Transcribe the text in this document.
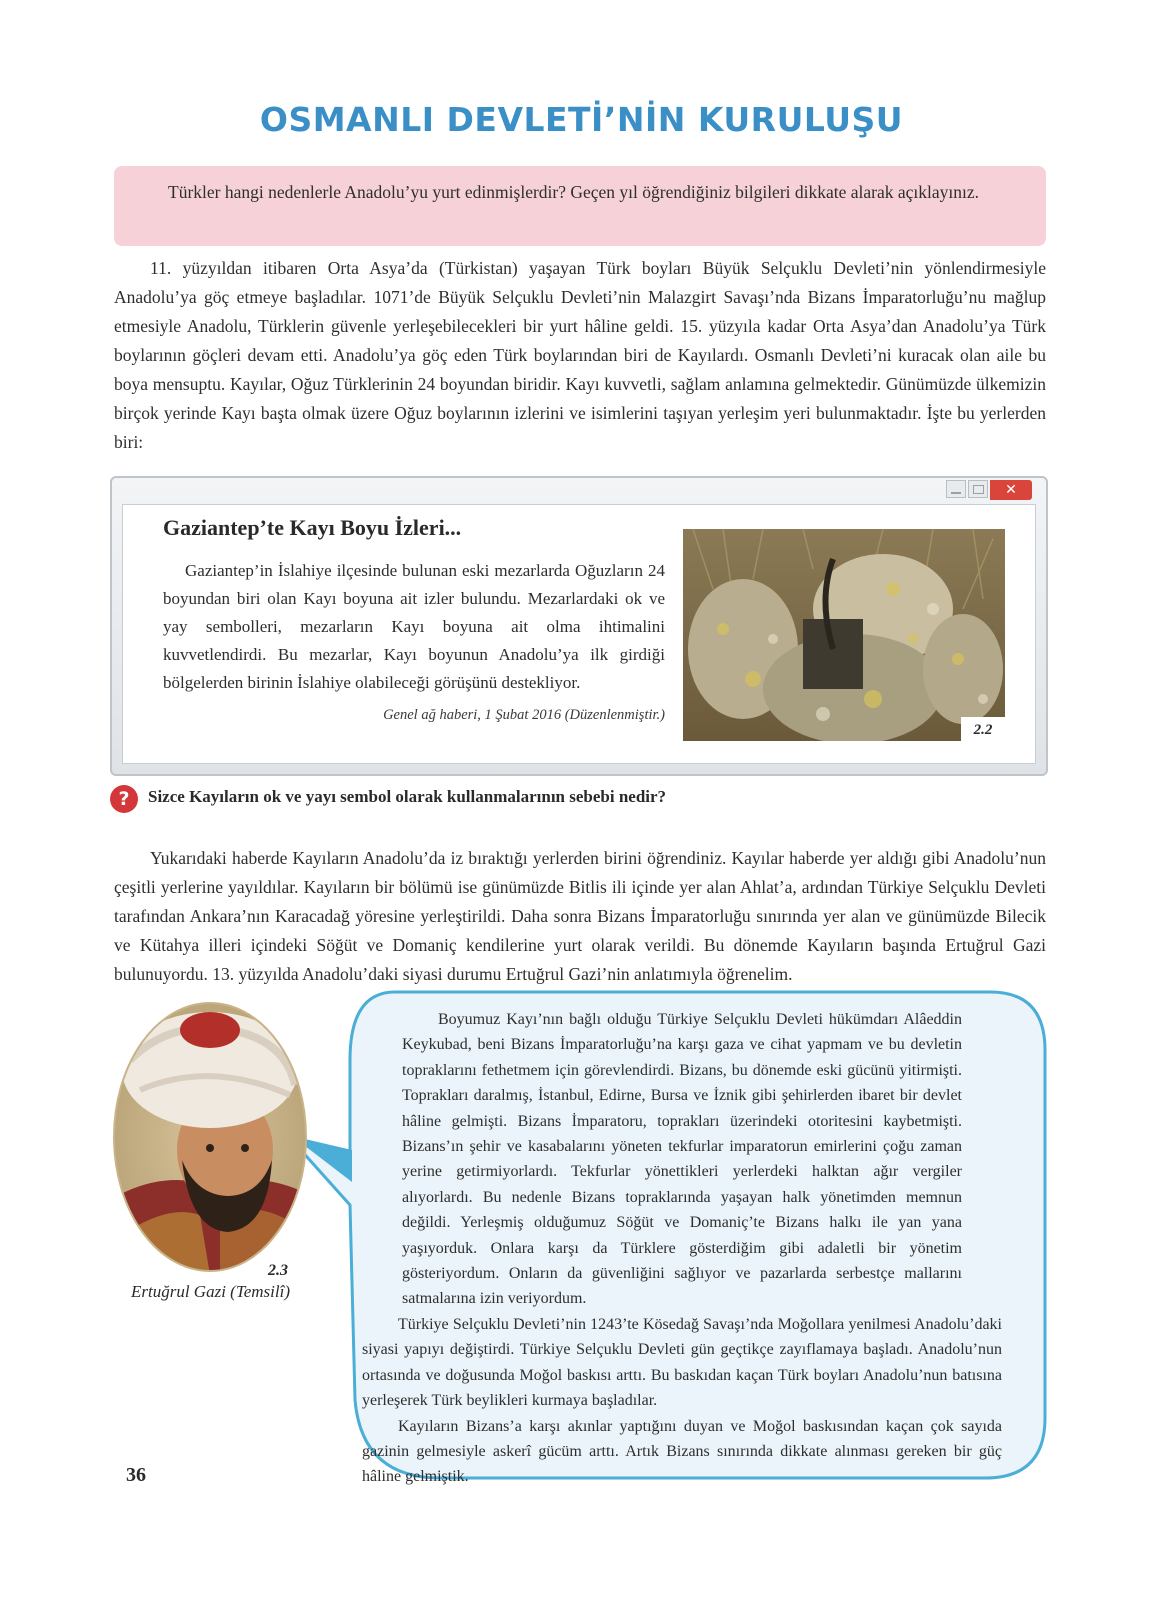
OSMANLI DEVLETİ’NİN KURULUŞU

Türkler hangi nedenlerle Anadolu’yu yurt edinmişlerdir? Geçen yıl öğrendiğiniz bilgileri dikkate alarak açıklayınız.

11. yüzyıldan itibaren Orta Asya’da (Türkistan) yaşayan Türk boyları Büyük Selçuklu Devleti’nin yönlendirmesiyle Anadolu’ya göç etmeye başladılar. 1071’de Büyük Selçuklu Devleti’nin Malazgirt Savaşı’nda Bizans İmparatorluğu’nu mağlup etmesiyle Anadolu, Türklerin güvenle yerleşebilecekleri bir yurt hâline geldi. 15. yüzyıla kadar Orta Asya’dan Anadolu’ya Türk boylarının göçleri devam etti. Anadolu’ya göç eden Türk boylarından biri de Kayılardı. Osmanlı Devleti’ni kuracak olan aile bu boya mensuptu. Kayılar, Oğuz Türklerinin 24 boyundan biridir. Kayı kuvvetli, sağlam anlamına gelmektedir. Günümüzde ülkemizin birçok yerinde Kayı başta olmak üzere Oğuz boylarının izlerini ve isimlerini taşıyan yerleşim yeri bulunmaktadır. İşte bu yerlerden biri:

✕
Gaziantep’te Kayı Boyu İzleri...

Gaziantep’in İslahiye ilçesinde bulunan eski mezarlarda Oğuzların 24 boyundan biri olan Kayı boyuna ait izler bulundu. Mezarlardaki ok ve yay sembolleri, mezarların Kayı boyuna ait olma ihtimalini kuvvetlendirdi. Bu mezarlar, Kayı boyunun Anadolu’ya ilk girdiği bölgelerden birinin İslahiye olabileceği görüşünü destekliyor.

Genel ağ haberi, 1 Şubat 2016 (Düzenlenmiştir.)

2.2
?	Sizce Kayıların ok ve yayı sembol olarak kullanmalarının sebebi nedir?

Yukarıdaki haberde Kayıların Anadolu’da iz bıraktığı yerlerden birini öğrendiniz. Kayılar haberde yer aldığı gibi Anadolu’nun çeşitli yerlerine yayıldılar. Kayıların bir bölümü ise günümüzde Bitlis ili içinde yer alan Ahlat’a, ardından Türkiye Selçuklu Devleti tarafından Ankara’nın Karacadağ yöresine yerleştirildi. Daha sonra Bizans İmparatorluğu sınırında yer alan ve günümüzde Bilecik ve Kütahya illeri içindeki Söğüt ve Domaniç kendilerine yurt olarak verildi. Bu dönemde Kayıların başında Ertuğrul Gazi bulunuyordu. 13. yüzyılda Anadolu’daki siyasi durumu Ertuğrul Gazi’nin anlatımıyla öğrenelim.

2.3

Ertuğrul Gazi (Temsilî)

Boyumuz Kayı’nın bağlı olduğu Türkiye Selçuklu Devleti hükümdarı Alâeddin Keykubad, beni Bizans İmparatorluğu’na karşı gaza ve cihat yapmam ve bu devletin topraklarını fethetmem için görevlendirdi. Bizans, bu dönemde eski gücünü yitirmişti. Toprakları daralmış, İstanbul, Edirne, Bursa ve İznik gibi şehirlerden ibaret bir devlet hâline gelmişti. Bizans İmparatoru, toprakları üzerindeki otoritesini kaybetmişti. Bizans’ın şehir ve kasabalarını yöneten tekfurlar imparatorun emirlerini çoğu zaman yerine getirmiyorlardı. Tekfurlar yönettikleri yerlerdeki halktan ağır vergiler alıyorlardı. Bu nedenle Bizans topraklarında yaşayan halk yönetimden memnun değildi. Yerleşmiş olduğumuz Söğüt ve Domaniç’te Bizans halkı ile yan yana yaşıyorduk. Onlara karşı da Türklere gösterdiğim gibi adaletli bir yönetim gösteriyordum. Onların da güvenliğini sağlıyor ve pazarlarda serbestçe mallarını satmalarına izin veriyordum.

Türkiye Selçuklu Devleti’nin 1243’te Kösedağ Savaşı’nda Moğollara yenilmesi Anadolu’daki siyasi yapıyı değiştirdi. Türkiye Selçuklu Devleti gün geçtikçe zayıflamaya başladı. Anadolu’nun ortasında ve doğusunda Moğol baskısı arttı. Bu baskıdan kaçan Türk boyları Anadolu’nun batısına yerleşerek Türk beylikleri kurmaya başladılar.

Kayıların Bizans’a karşı akınlar yaptığını duyan ve Moğol baskısından kaçan çok sayıda gazinin gelmesiyle askerî gücüm arttı. Artık Bizans sınırında dikkate alınması gereken bir güç hâline gelmiştik.

36
